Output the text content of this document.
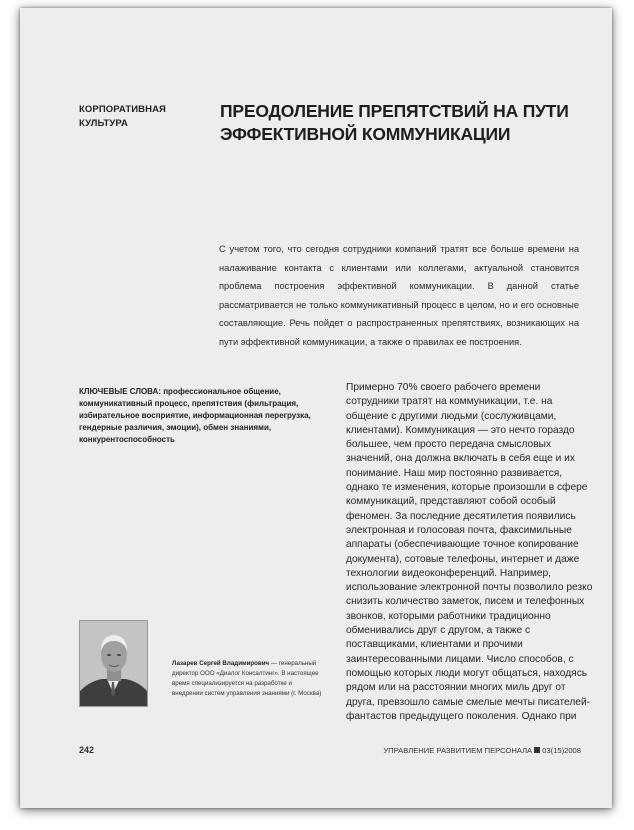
КОРПОРАТИВНАЯ КУЛЬТУРА
ПРЕОДОЛЕНИЕ ПРЕПЯТСТВИЙ НА ПУТИ ЭФФЕКТИВНОЙ КОММУНИКАЦИИ
С учетом того, что сегодня сотрудники компаний тратят все больше времени на налаживание контакта с клиентами или коллегами, актуальной становится проблема построения эффективной коммуникации. В данной статье рассматривается не только коммуникативный процесс в целом, но и его основные составляющие. Речь пойдет о распространенных препятствиях, возникающих на пути эффективной коммуникации, а также о правилах ее построения.
КЛЮЧЕВЫЕ СЛОВА: профессиональное общение, коммуникативный процесс, препятствия (фильтрация, избирательное восприятие, информационная перегрузка, гендерные различия, эмоции), обмен знаниями, конкурентоспособность
Примерно 70% своего рабочего времени сотрудники тратят на коммуникации, т.е. на общение с другими людьми (сослуживцами, клиентами). Коммуникация — это нечто гораздо большее, чем просто передача смысловых значений, она должна включать в себя еще и их понимание. Наш мир постоянно развивается, однако те изменения, которые произошли в сфере коммуникаций, представляют собой особый феномен. За последние десятилетия появились электронная и голосовая почта, факсимильные аппараты (обеспечивающие точное копирование документа), сотовые телефоны, интернет и даже технологии видеоконференций. Например, использование электронной почты позволило резко снизить количество заметок, писем и телефонных звонков, которыми работники традиционно обменивались друг с другом, а также с поставщиками, клиентами и прочими заинтересованными лицами. Число способов, с помощью которых люди могут общаться, находясь рядом или на расстоянии многих миль друг от друга, превзошло самые смелые мечты писателей-фантастов предыдущего поколения. Однако при
Лазарев Сергей Владимирович — генеральный директор ООО «Диалог Консалтинг». В настоящее время специализируется на разработке и внедрении систем управления знаниями (г. Москва)
242	УПРАВЛЕНИЕ РАЗВИТИЕМ ПЕРСОНАЛА 03(15)2008
